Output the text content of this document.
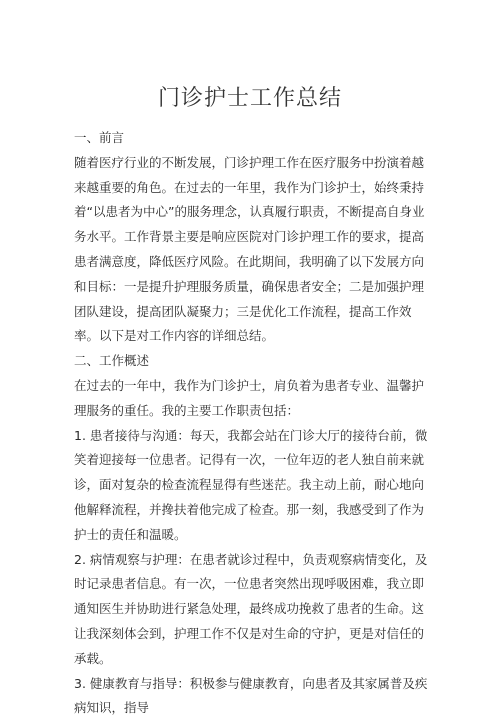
门诊护士工作总结

一、前言

随着医疗行业的不断发展，门诊护理工作在医疗服务中扮演着越来越重要的角色。在过去的一年里，我作为门诊护士，始终秉持着“以患者为中心”的服务理念，认真履行职责，不断提高自身业务水平。工作背景主要是响应医院对门诊护理工作的要求，提高患者满意度，降低医疗风险。在此期间，我明确了以下发展方向和目标：一是提升护理服务质量，确保患者安全；二是加强护理团队建设，提高团队凝聚力；三是优化工作流程，提高工作效率。以下是对工作内容的详细总结。

二、工作概述

在过去的一年中，我作为门诊护士，肩负着为患者专业、温馨护理服务的重任。我的主要工作职责包括：

1. 患者接待与沟通：每天，我都会站在门诊大厅的接待台前，微笑着迎接每一位患者。记得有一次，一位年迈的老人独自前来就诊，面对复杂的检查流程显得有些迷茫。我主动上前，耐心地向他解释流程，并搀扶着他完成了检查。那一刻，我感受到了作为护士的责任和温暖。

2. 病情观察与护理：在患者就诊过程中，负责观察病情变化，及时记录患者信息。有一次，一位患者突然出现呼吸困难，我立即通知医生并协助进行紧急处理，最终成功挽救了患者的生命。这让我深刻体会到，护理工作不仅是对生命的守护，更是对信任的承载。

3. 健康教育与指导：积极参与健康教育，向患者及其家属普及疾病知识，指导
